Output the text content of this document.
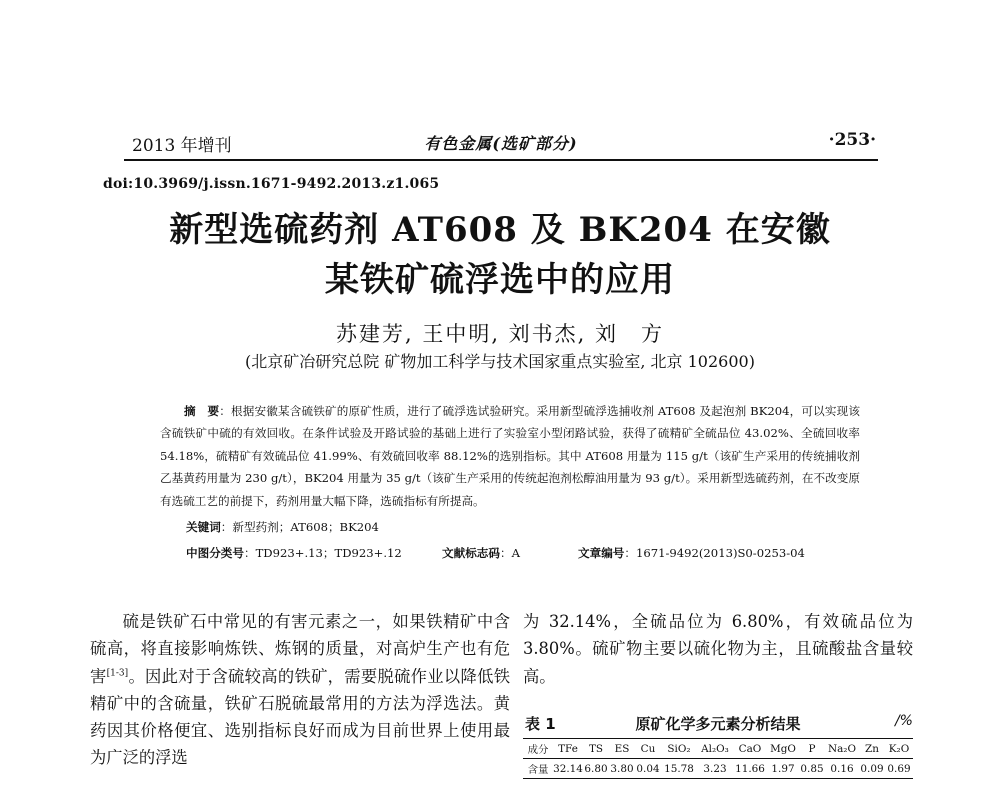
2013 年增刊	有色金属(选矿部分)	·253·
doi:10.3969/j.issn.1671-9492.2013.z1.065
新型选硫药剂 AT608 及 BK204 在安徽
某铁矿硫浮选中的应用
苏建芳, 王中明, 刘书杰, 刘　方
(北京矿冶研究总院 矿物加工科学与技术国家重点实验室, 北京 102600)
摘　要：根据安徽某含硫铁矿的原矿性质，进行了硫浮选试验研究。采用新型硫浮选捕收剂 AT608 及起泡剂 BK204，可以实现该含硫铁矿中硫的有效回收。在条件试验及开路试验的基础上进行了实验室小型闭路试验，获得了硫精矿全硫品位 43.02%、全硫回收率 54.18%，硫精矿有效硫品位 41.99%、有效硫回收率 88.12%的选别指标。其中 AT608 用量为 115 g/t（该矿生产采用的传统捕收剂乙基黄药用量为 230 g/t），BK204 用量为 35 g/t（该矿生产采用的传统起泡剂松醇油用量为 93 g/t）。采用新型选硫药剂，在不改变原有选硫工艺的前提下，药剂用量大幅下降，选硫指标有所提高。
关键词：新型药剂；AT608；BK204
中图分类号：TD923+.13；TD923+.12	文献标志码：A	文章编号：1671-9492(2013)S0-0253-04

硫是铁矿石中常见的有害元素之一，如果铁精矿中含硫高，将直接影响炼铁、炼钢的质量，对高炉生产也有危害[1-3]。因此对于含硫较高的铁矿，需要脱硫作业以降低铁精矿中的含硫量，铁矿石脱硫最常用的方法为浮选法。黄药因其价格便宜、选别指标良好而成为目前世界上使用最为广泛的浮选

为 32.14%，全硫品位为 6.80%，有效硫品位为 3.80%。硫矿物主要以硫化物为主，且硫酸盐含量较高。

表 1	原矿化学多元素分析结果	/%
成分	TFe	TS	ES	Cu	SiO₂	Al₂O₃	CaO	MgO	P	Na₂O	Zn	K₂O
含量	32.14	6.80	3.80	0.04	15.78	3.23	11.66	1.97	0.85	0.16	0.09	0.69
